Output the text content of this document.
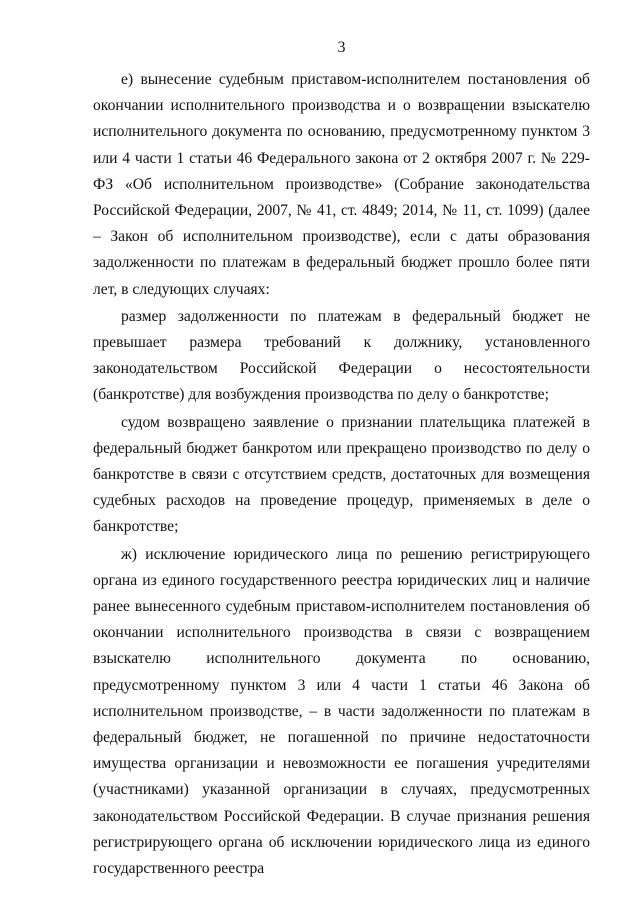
3

е) вынесение судебным приставом-исполнителем постановления об окончании исполнительного производства и о возвращении взыскателю исполнительного документа по основанию, предусмотренному пунктом 3 или 4 части 1 статьи 46 Федерального закона от 2 октября 2007 г. № 229-ФЗ «Об исполнительном производстве» (Собрание законодательства Российской Федерации, 2007, № 41, ст. 4849; 2014, № 11, ст. 1099) (далее – Закон об исполнительном производстве), если с даты образования задолженности по платежам в федеральный бюджет прошло более пяти лет, в следующих случаях:

размер задолженности по платежам в федеральный бюджет не превышает размера требований к должнику, установленного законодательством Российской Федерации о несостоятельности (банкротстве) для возбуждения производства по делу о банкротстве;

судом возвращено заявление о признании плательщика платежей в федеральный бюджет банкротом или прекращено производство по делу о банкротстве в связи с отсутствием средств, достаточных для возмещения судебных расходов на проведение процедур, применяемых в деле о банкротстве;

ж) исключение юридического лица по решению регистрирующего органа из единого государственного реестра юридических лиц и наличие ранее вынесенного судебным приставом-исполнителем постановления об окончании исполнительного производства в связи с возвращением взыскателю исполнительного документа по основанию, предусмотренному пунктом 3 или 4 части 1 статьи 46 Закона об исполнительном производстве, – в части задолженности по платежам в федеральный бюджет, не погашенной по причине недостаточности имущества организации и невозможности ее погашения учредителями (участниками) указанной организации в случаях, предусмотренных законодательством Российской Федерации. В случае признания решения регистрирующего органа об исключении юридического лица из единого государственного реестра
